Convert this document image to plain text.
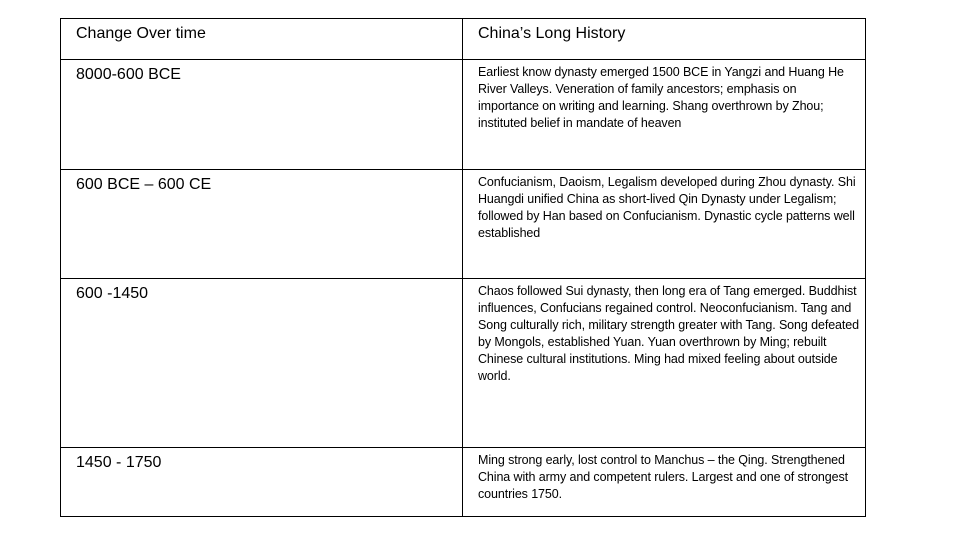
Change Over time	China’s Long History

8000-600 BCE	Earliest know dynasty emerged 1500 BCE in Yangzi and Huang He River Valleys. Veneration of family ancestors; emphasis on importance on writing and learning. Shang overthrown by Zhou; instituted belief in mandate of heaven

600 BCE – 600 CE	Confucianism, Daoism, Legalism developed during Zhou dynasty. Shi Huangdi unified China as short-lived Qin Dynasty under Legalism; followed by Han based on Confucianism. Dynastic cycle patterns well established

600 -1450	Chaos followed Sui dynasty, then long era of Tang emerged. Buddhist influences, Confucians regained control. Neoconfucianism. Tang and Song culturally rich, military strength greater with Tang. Song defeated by Mongols, established Yuan. Yuan overthrown by Ming; rebuilt Chinese cultural institutions. Ming had mixed feeling about outside world.

1450 - 1750	Ming strong early, lost control to Manchus – the Qing. Strengthened China with army and competent rulers. Largest and one of strongest countries 1750.
